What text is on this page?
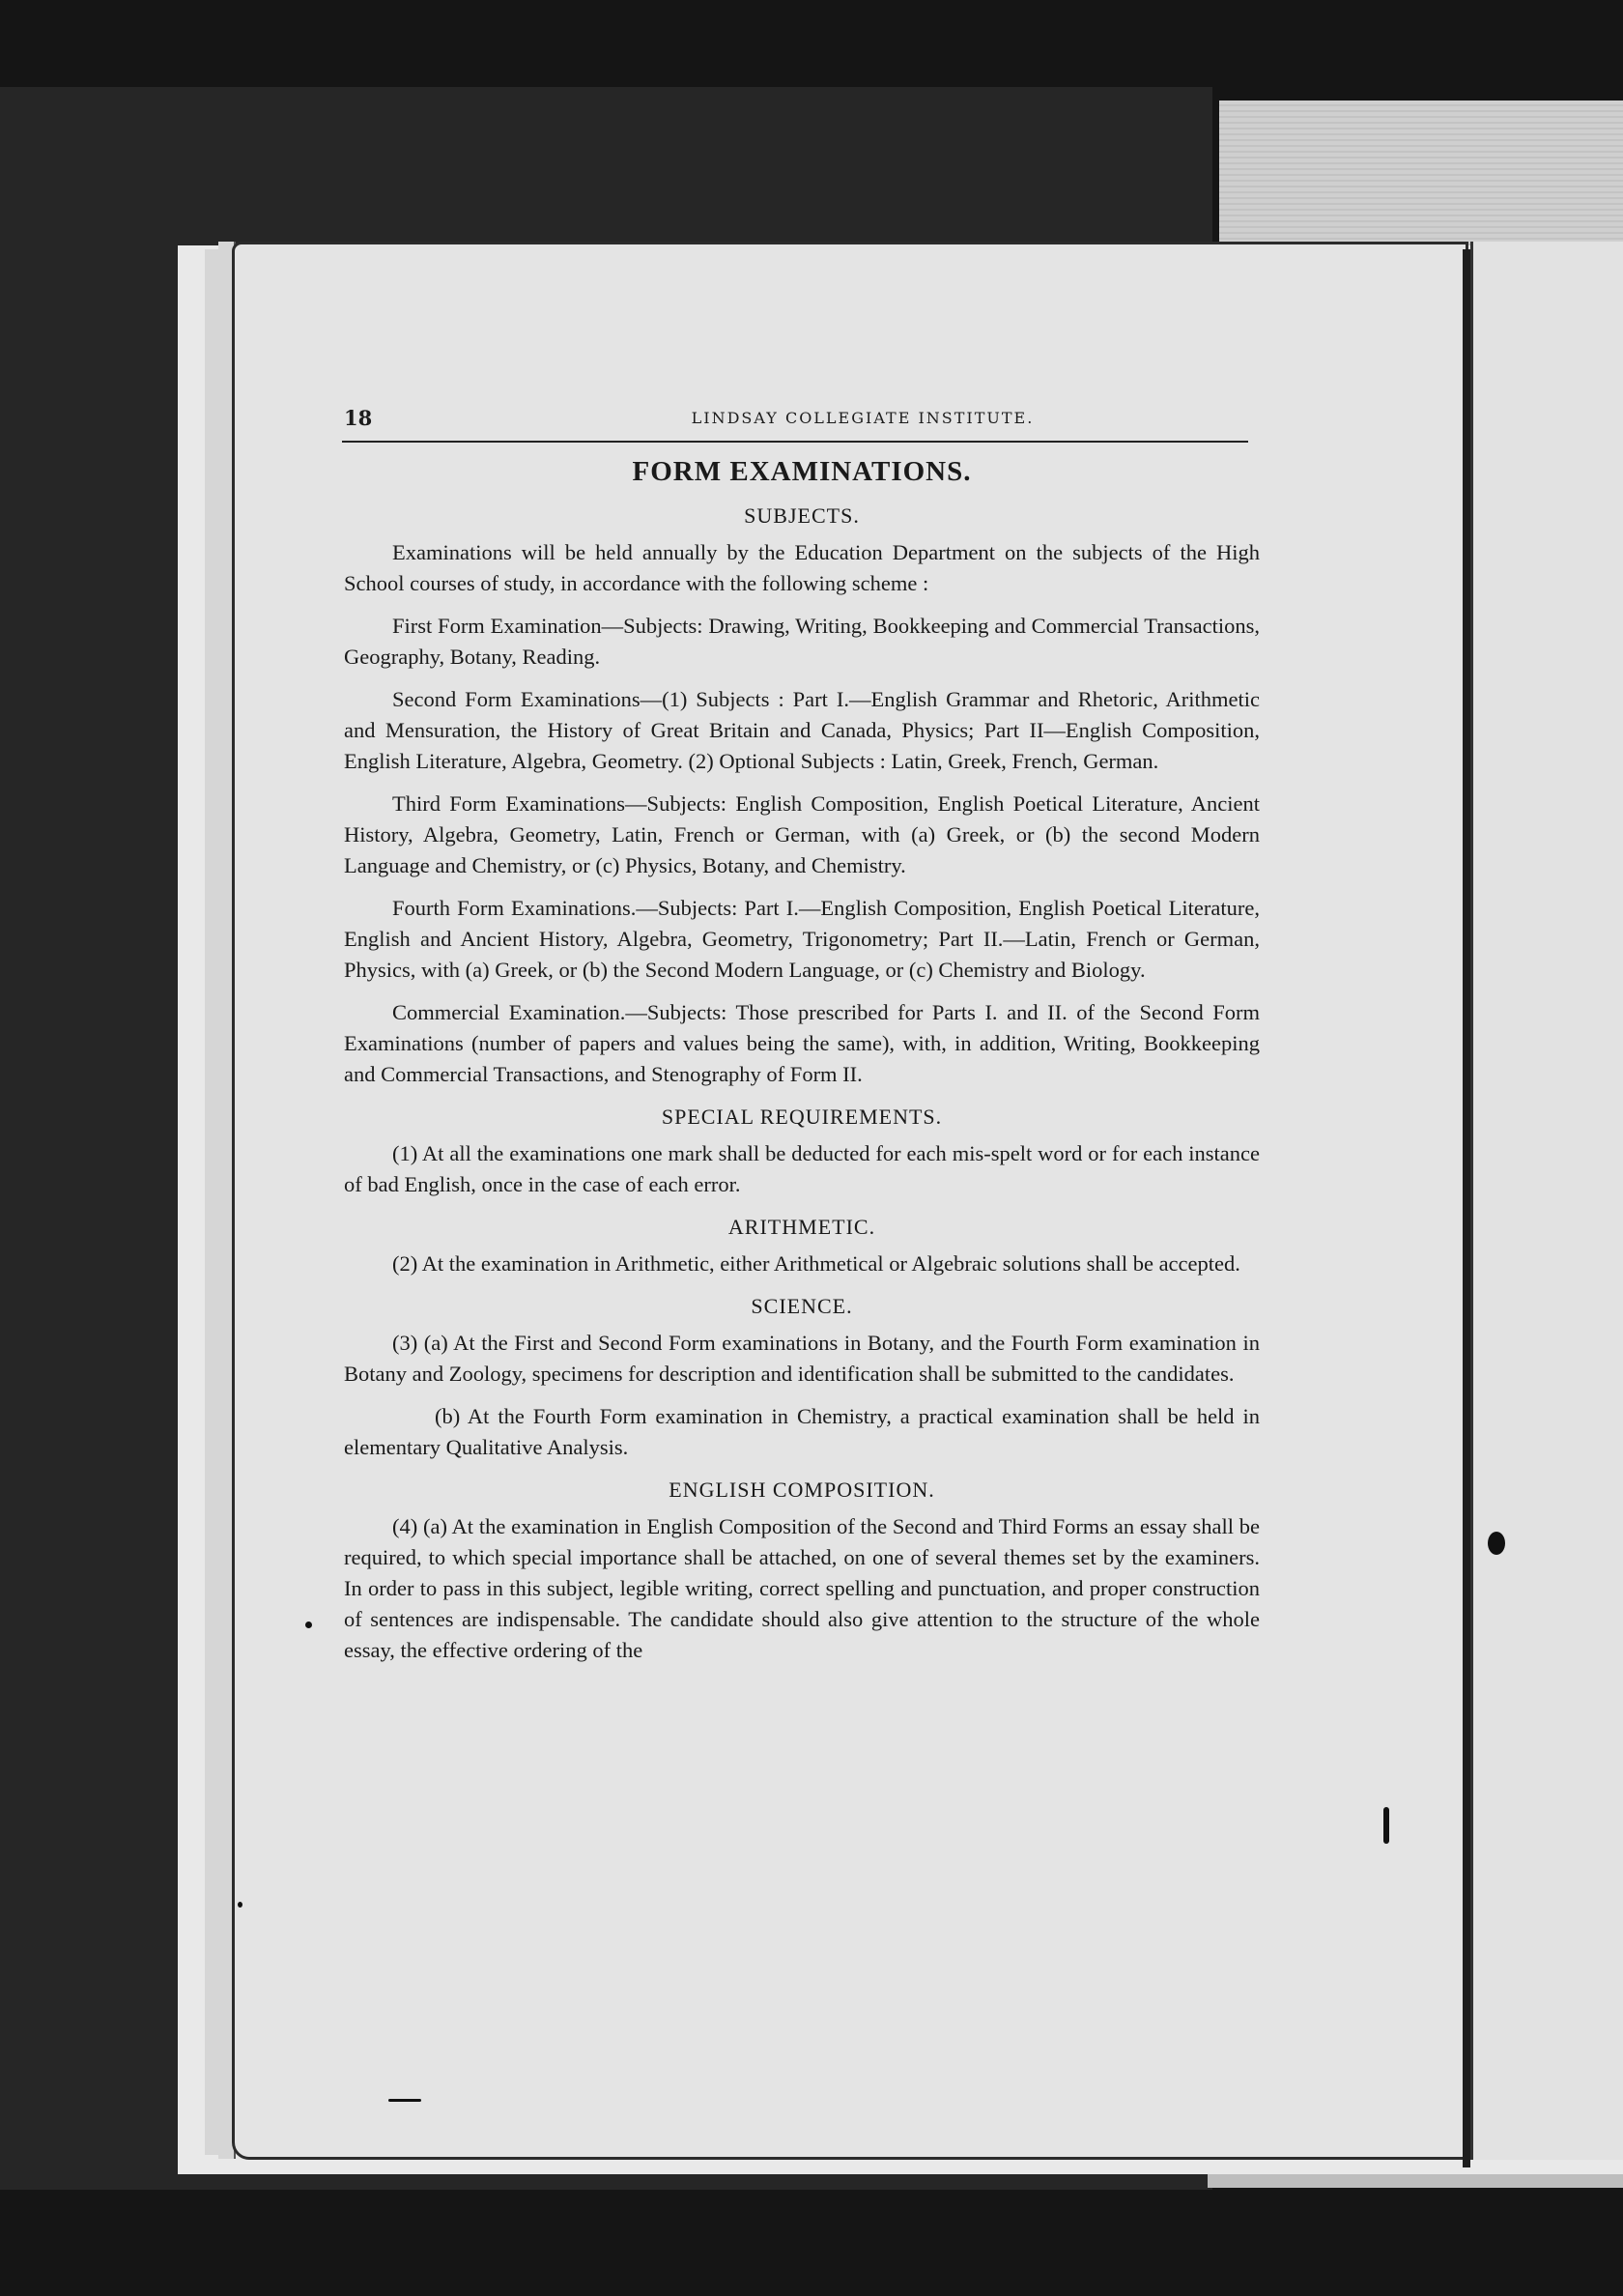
18	LINDSAY COLLEGIATE INSTITUTE.
FORM EXAMINATIONS.
SUBJECTS.

Examinations will be held annually by the Education Department on the subjects of the High School courses of study, in accordance with the following scheme :

First Form Examination—Subjects: Drawing, Writing, Bookkeeping and Commercial Transactions, Geography, Botany, Reading.

Second Form Examinations—(1) Subjects : Part I.—English Grammar and Rhetoric, Arithmetic and Mensuration, the History of Great Britain and Canada, Physics; Part II—English Composition, English Literature, Algebra, Geometry. (2) Optional Subjects : Latin, Greek, French, German.

Third Form Examinations—Subjects: English Composition, English Poetical Literature, Ancient History, Algebra, Geometry, Latin, French or German, with (a) Greek, or (b) the second Modern Language and Chemistry, or (c) Physics, Botany, and Chemistry.

Fourth Form Examinations.—Subjects: Part I.—English Composition, English Poetical Literature, English and Ancient History, Algebra, Geometry, Trigonometry; Part II.—Latin, French or German, Physics, with (a) Greek, or (b) the Second Modern Language, or (c) Chemistry and Biology.

Commercial Examination.—Subjects: Those prescribed for Parts I. and II. of the Second Form Examinations (number of papers and values being the same), with, in addition, Writing, Bookkeeping and Commercial Transactions, and Stenography of Form II.

SPECIAL REQUIREMENTS.

(1) At all the examinations one mark shall be deducted for each mis-spelt word or for each instance of bad English, once in the case of each error.

ARITHMETIC.

(2) At the examination in Arithmetic, either Arithmetical or Algebraic solutions shall be accepted.

SCIENCE.

(3) (a) At the First and Second Form examinations in Botany, and the Fourth Form examination in Botany and Zoology, specimens for description and identification shall be submitted to the candidates.

(b) At the Fourth Form examination in Chemistry, a practical examination shall be held in elementary Qualitative Analysis.

ENGLISH COMPOSITION.

(4) (a) At the examination in English Composition of the Second and Third Forms an essay shall be required, to which special importance shall be attached, on one of several themes set by the examiners. In order to pass in this subject, legible writing, correct spelling and punctuation, and proper construction of sentences are indispensable. The candidate should also give attention to the structure of the whole essay, the effective ordering of the
